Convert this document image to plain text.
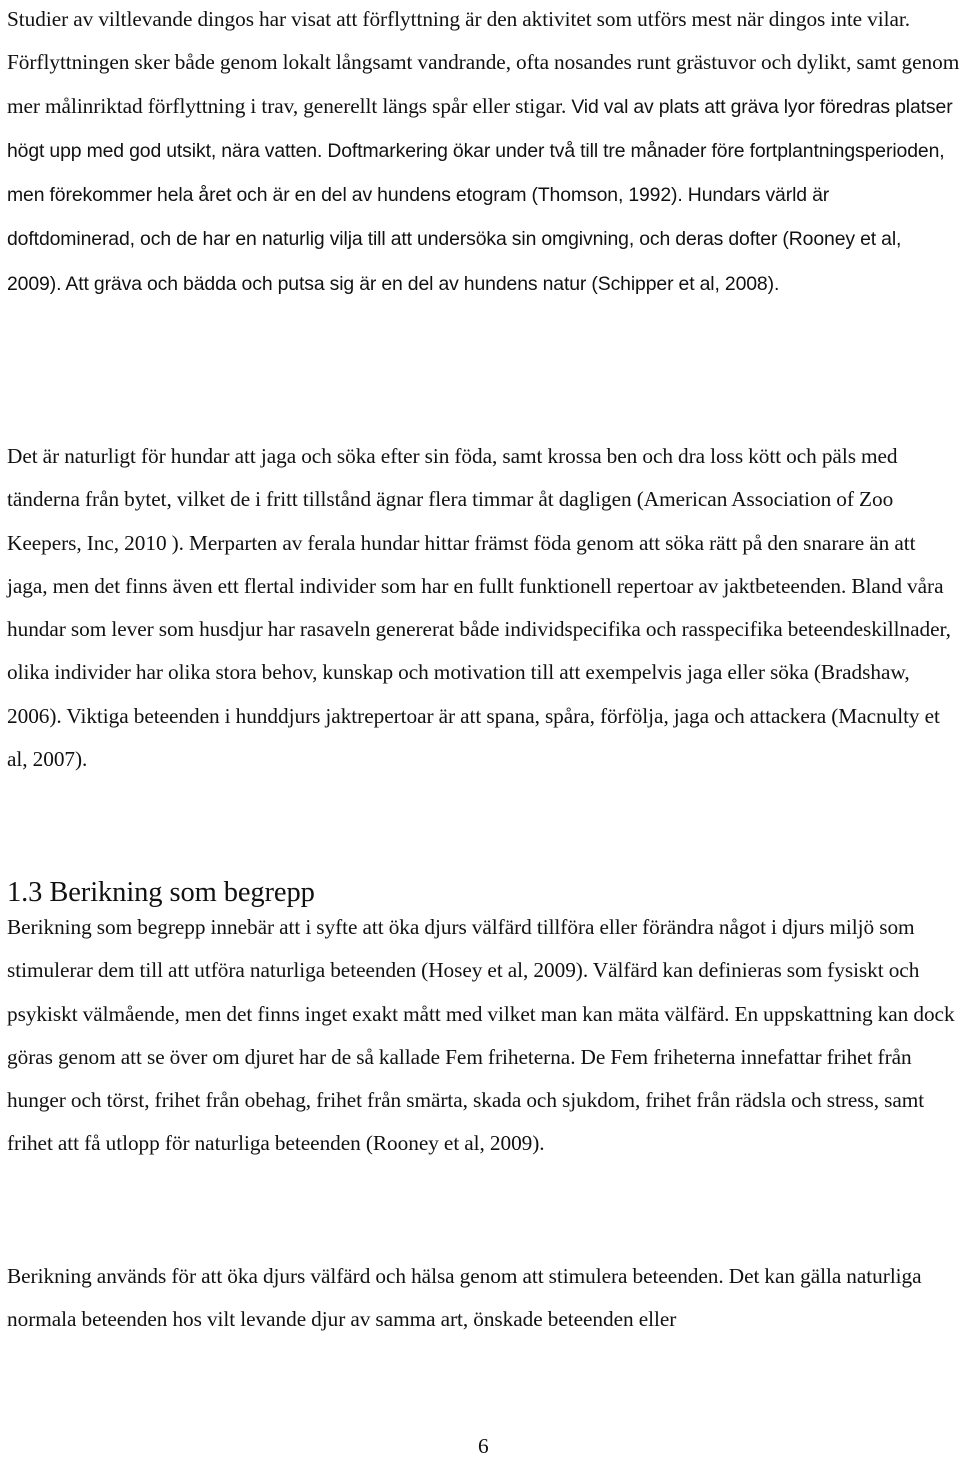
Studier av viltlevande dingos har visat att förflyttning är den aktivitet som utförs mest när dingos inte vilar. Förflyttningen sker både genom lokalt långsamt vandrande, ofta nosandes runt grästuvor och dylikt, samt genom mer målinriktad förflyttning i trav, generellt längs spår eller stigar. Vid val av plats att gräva lyor föredras platser högt upp med god utsikt, nära vatten. Doftmarkering ökar under två till tre månader före fortplantningsperioden, men förekommer hela året och är en del av hundens etogram (Thomson, 1992). Hundars värld är doftdominerad, och de har en naturlig vilja till att undersöka sin omgivning, och deras dofter (Rooney et al, 2009). Att gräva och bädda och putsa sig är en del av hundens natur (Schipper et al, 2008).

Det är naturligt för hundar att jaga och söka efter sin föda, samt krossa ben och dra loss kött och päls med tänderna från bytet, vilket de i fritt tillstånd ägnar flera timmar åt dagligen (American Association of Zoo Keepers, Inc, 2010 ). Merparten av ferala hundar hittar främst föda genom att söka rätt på den snarare än att jaga, men det finns även ett flertal individer som har en fullt funktionell repertoar av jaktbeteenden. Bland våra hundar som lever som husdjur har rasaveln genererat både individspecifika och rasspecifika beteendeskillnader, olika individer har olika stora behov, kunskap och motivation till att exempelvis jaga eller söka (Bradshaw, 2006). Viktiga beteenden i hunddjurs jaktrepertoar är att spana, spåra, förfölja, jaga och attackera (Macnulty et al, 2007).

1.3 Berikning som begrepp

Berikning som begrepp innebär att i syfte att öka djurs välfärd tillföra eller förändra något i djurs miljö som stimulerar dem till att utföra naturliga beteenden (Hosey et al, 2009). Välfärd kan definieras som fysiskt och psykiskt välmående, men det finns inget exakt mått med vilket man kan mäta välfärd. En uppskattning kan dock göras genom att se över om djuret har de så kallade Fem friheterna. De Fem friheterna innefattar frihet från hunger och törst, frihet från obehag, frihet från smärta, skada och sjukdom, frihet från rädsla och stress, samt frihet att få utlopp för naturliga beteenden (Rooney et al, 2009).

Berikning används för att öka djurs välfärd och hälsa genom att stimulera beteenden. Det kan gälla naturliga normala beteenden hos vilt levande djur av samma art, önskade beteenden eller

6
